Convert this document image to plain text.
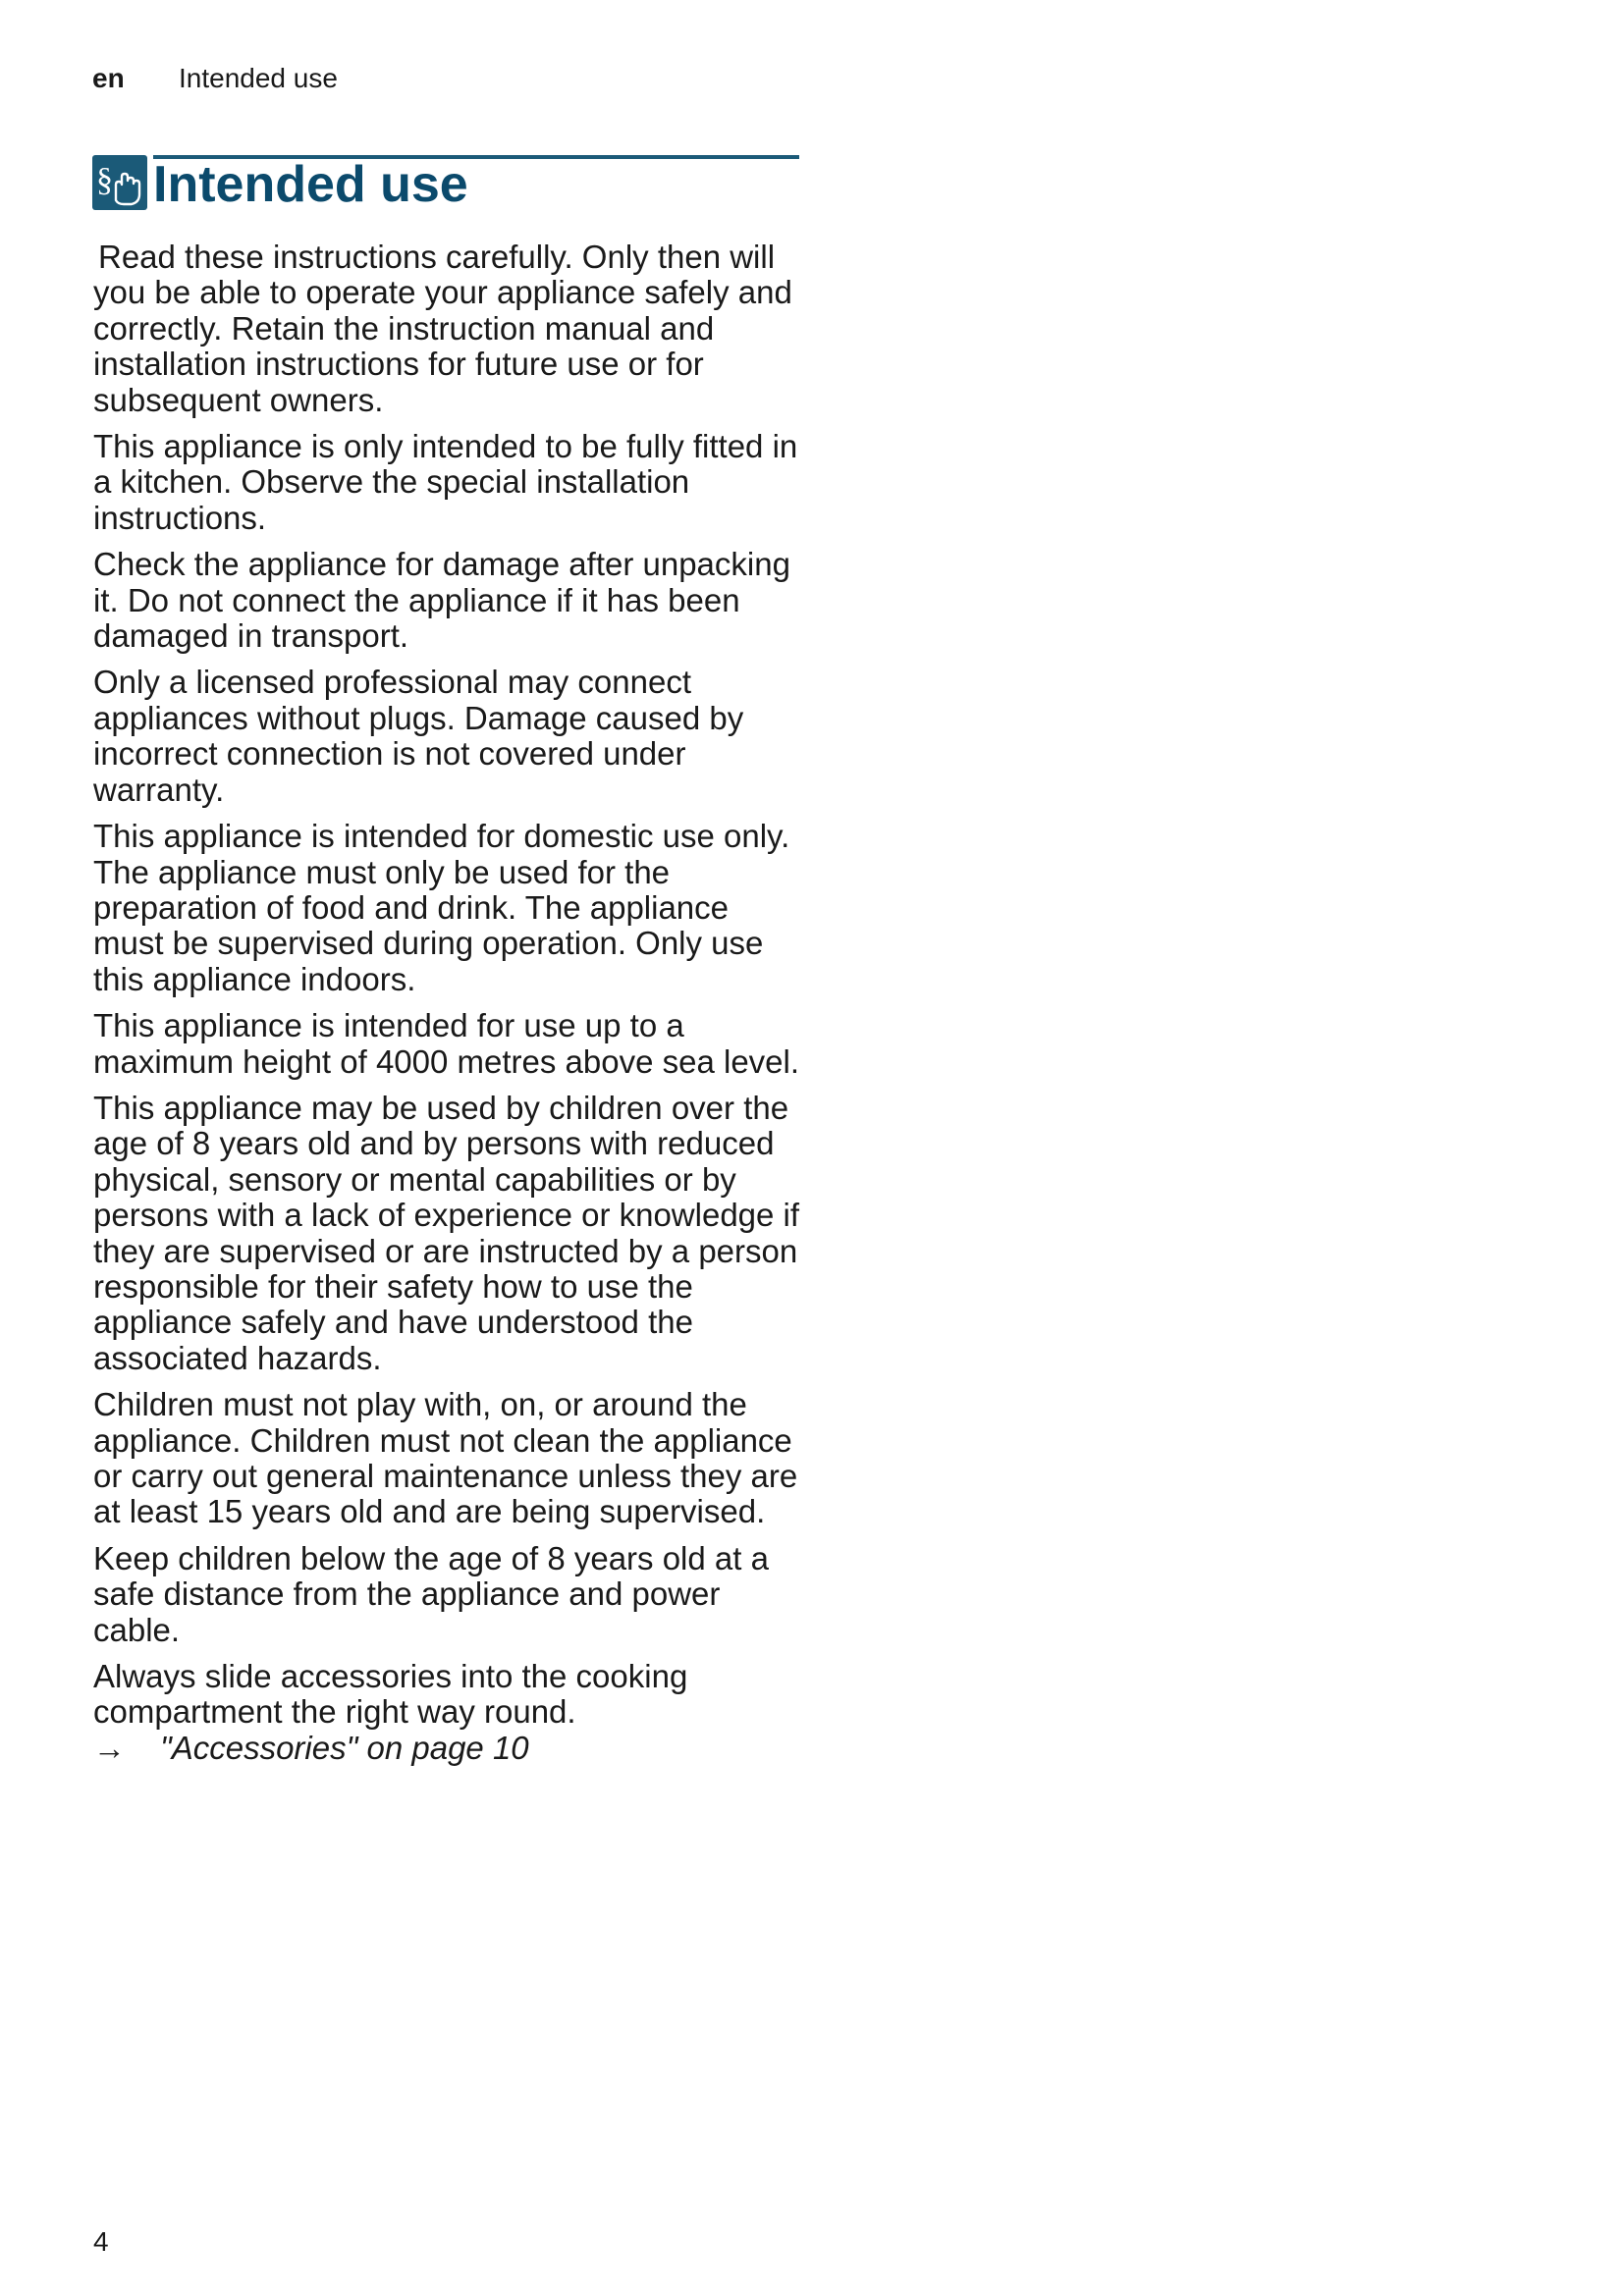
en Intended use
§ Intended use

Read these instructions carefully. Only then will you be able to operate your appliance safely and correctly. Retain the instruction manual and installation instructions for future use or for subsequent owners.

This appliance is only intended to be fully fitted in a kitchen. Observe the special installation instructions.

Check the appliance for damage after unpacking it. Do not connect the appliance if it has been damaged in transport.

Only a licensed professional may connect appliances without plugs. Damage caused by incorrect connection is not covered under warranty.

This appliance is intended for domestic use only. The appliance must only be used for the preparation of food and drink. The appliance must be supervised during operation. Only use this appliance indoors.

This appliance is intended for use up to a maximum height of 4000 metres above sea level.

This appliance may be used by children over the age of 8 years old and by persons with reduced physical, sensory or mental capabilities or by persons with a lack of experience or knowledge if they are supervised or are instructed by a person responsible for their safety how to use the appliance safely and have understood the associated hazards.

Children must not play with, on, or around the appliance. Children must not clean the appliance or carry out general maintenance unless they are at least 15 years old and are being supervised.

Keep children below the age of 8 years old at a safe distance from the appliance and power cable.

Always slide accessories into the cooking compartment the right way round.
→ "Accessories" on page 10

4
